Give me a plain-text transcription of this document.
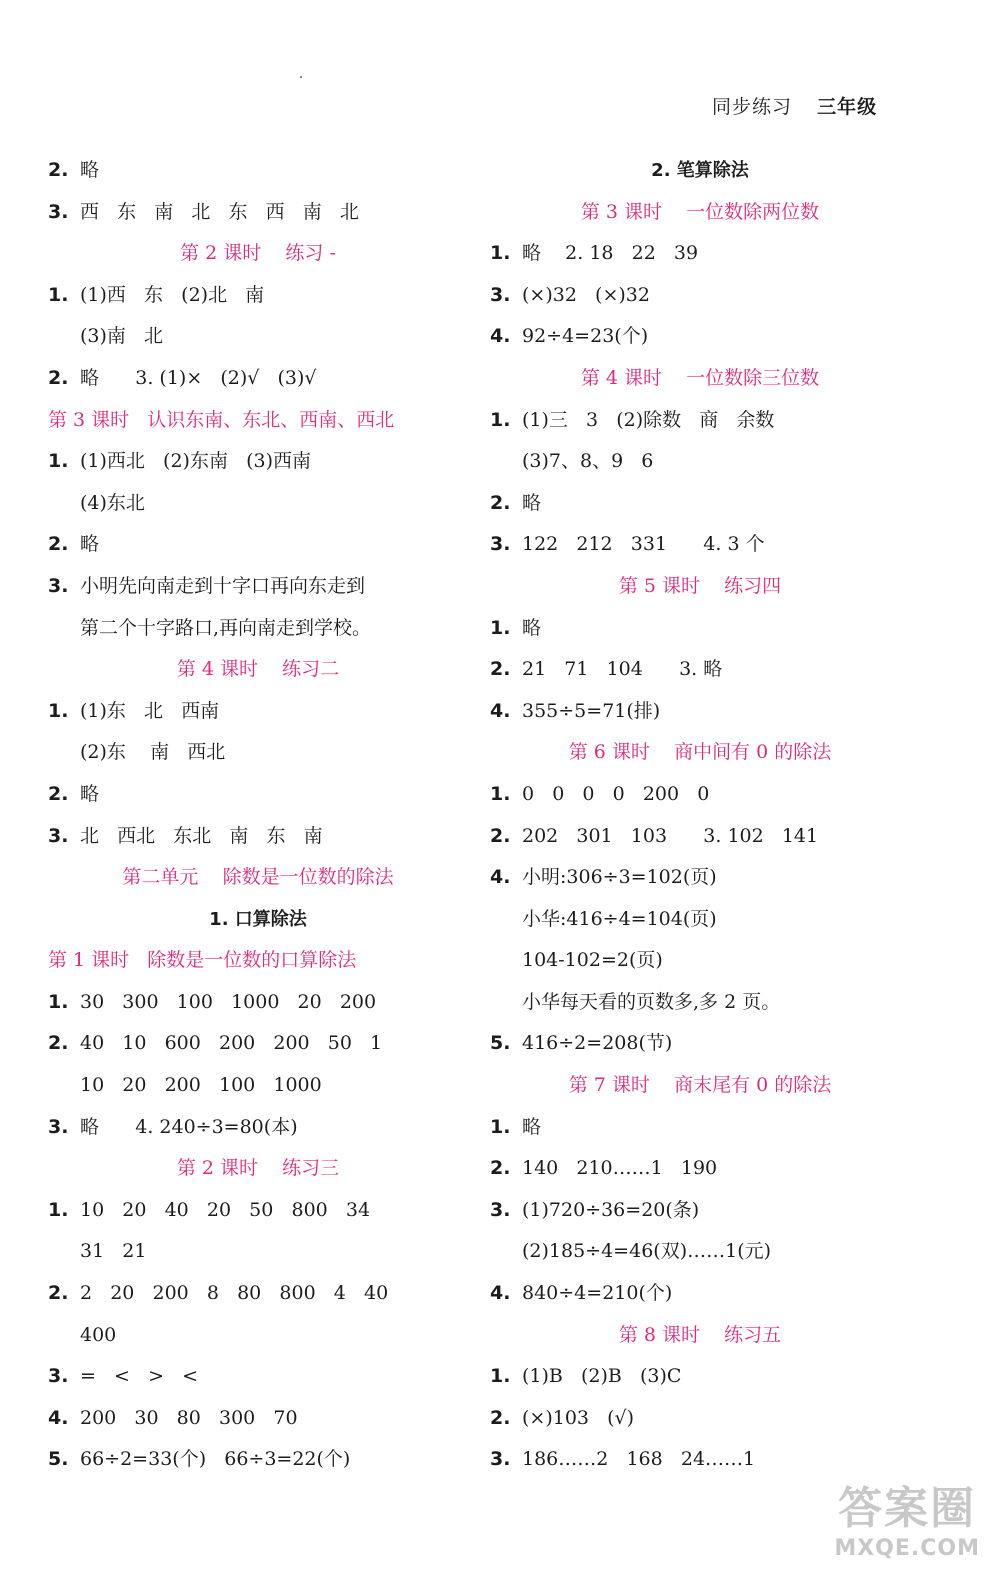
同步练习 三年级
2. 略
3. 西   东   南   北   东   西   南   北
第 2 课时    练习 -
1. (1)西   东   (2)北   南
(3)南   北
2. 略      3. (1)×   (2)√   (3)√
第 3 课时   认识东南、东北、西南、西北
1. (1)西北   (2)东南   (3)西南
(4)东北
2. 略
3. 小明先向南走到十字口再向东走到
第二个十字路口,再向南走到学校。
第 4 课时    练习二
1. (1)东   北   西南
(2)东    南   西北
2. 略
3. 北   西北   东北   南   东   南
第二单元    除数是一位数的除法
1. 口算除法
第 1 课时   除数是一位数的口算除法
1. 30   300   100   1000   20   200
2. 40   10   600   200   200   50   1
10   20   200   100   1000
3. 略      4. 240÷3=80(本)
第 2 课时    练习三
1. 10   20   40   20   50   800   34
31   21
2. 2   20   200   8   80   800   4   40
400
3. =   <   >   <
4. 200   30   80   300   70
5. 66÷2=33(个)   66÷3=22(个)
2. 笔算除法
第 3 课时    一位数除两位数
1. 略    2. 18   22   39
3. (×)32   (×)32
4. 92÷4=23(个)
第 4 课时    一位数除三位数
1. (1)三   3   (2)除数   商   余数
(3)7、8、9   6
2. 略
3. 122   212   331      4. 3 个
第 5 课时    练习四
1. 略
2. 21   71   104      3. 略
4. 355÷5=71(排)
第 6 课时    商中间有 0 的除法
1. 0   0   0   0   200   0
2. 202   301   103      3. 102   141
4. 小明:306÷3=102(页)
小华:416÷4=104(页)
104-102=2(页)
小华每天看的页数多,多 2 页。
5. 416÷2=208(节)
第 7 课时    商末尾有 0 的除法
1. 略
2. 140   210……1   190
3. (1)720÷36=20(条)
(2)185÷4=46(双)……1(元)
4. 840÷4=210(个)
第 8 课时    练习五
1. (1)B   (2)B   (3)C
2. (×)103   (√)
3. 186……2   168   24……1
答案圈
MXQE.COM
